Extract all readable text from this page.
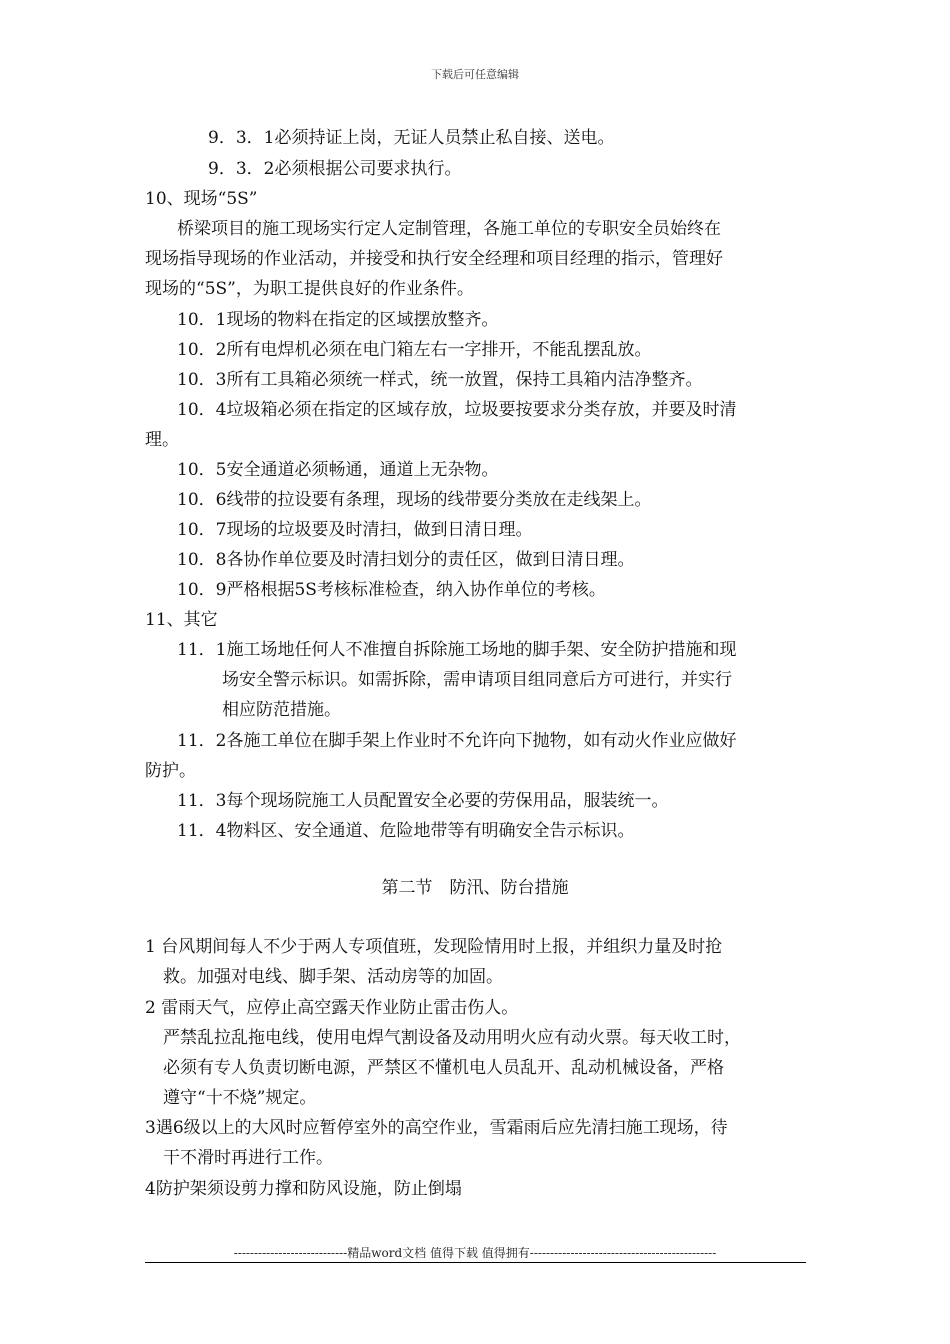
下载后可任意编辑
9．3．1必须持证上岗，无证人员禁止私自接、送电。
9．3．2必须根据公司要求执行。
10、现场“5S”
桥梁项目的施工现场实行定人定制管理，各施工单位的专职安全员始终在
现场指导现场的作业活动，并接受和执行安全经理和项目经理的指示，管理好
现场的“5S”，为职工提供良好的作业条件。
10．1现场的物料在指定的区域摆放整齐。
10．2所有电焊机必须在电门箱左右一字排开，不能乱摆乱放。
10．3所有工具箱必须统一样式，统一放置，保持工具箱内洁净整齐。
10．4垃圾箱必须在指定的区域存放，垃圾要按要求分类存放，并要及时清
理。
10．5安全通道必须畅通，通道上无杂物。
10．6线带的拉设要有条理，现场的线带要分类放在走线架上。
10．7现场的垃圾要及时清扫，做到日清日理。
10．8各协作单位要及时清扫划分的责任区，做到日清日理。
10．9严格根据5S考核标准检查，纳入协作单位的考核。
11、其它
11．1施工场地任何人不准擅自拆除施工场地的脚手架、安全防护措施和现
场安全警示标识。如需拆除，需申请项目组同意后方可进行，并实行
相应防范措施。
11．2各施工单位在脚手架上作业时不允许向下抛物，如有动火作业应做好
防护。
11．3每个现场院施工人员配置安全必要的劳保用品，服装统一。
11．4物料区、安全通道、危险地带等有明确安全告示标识。
第二节　防汛、防台措施
1 台风期间每人不少于两人专项值班，发现险情用时上报，并组织力量及时抢
救。加强对电线、脚手架、活动房等的加固。
2 雷雨天气，应停止高空露天作业防止雷击伤人。
严禁乱拉乱拖电线，使用电焊气割设备及动用明火应有动火票。每天收工时，
必须有专人负责切断电源，严禁区不懂机电人员乱开、乱动机械设备，严格
遵守“十不烧”规定。
3遇6级以上的大风时应暂停室外的高空作业，雪霜雨后应先清扫施工现场，待
干不滑时再进行工作。
4防护架须设剪力撑和防风设施，防止倒塌
----------------------------精品word文档 值得下载 值得拥有----------------------------------------------
